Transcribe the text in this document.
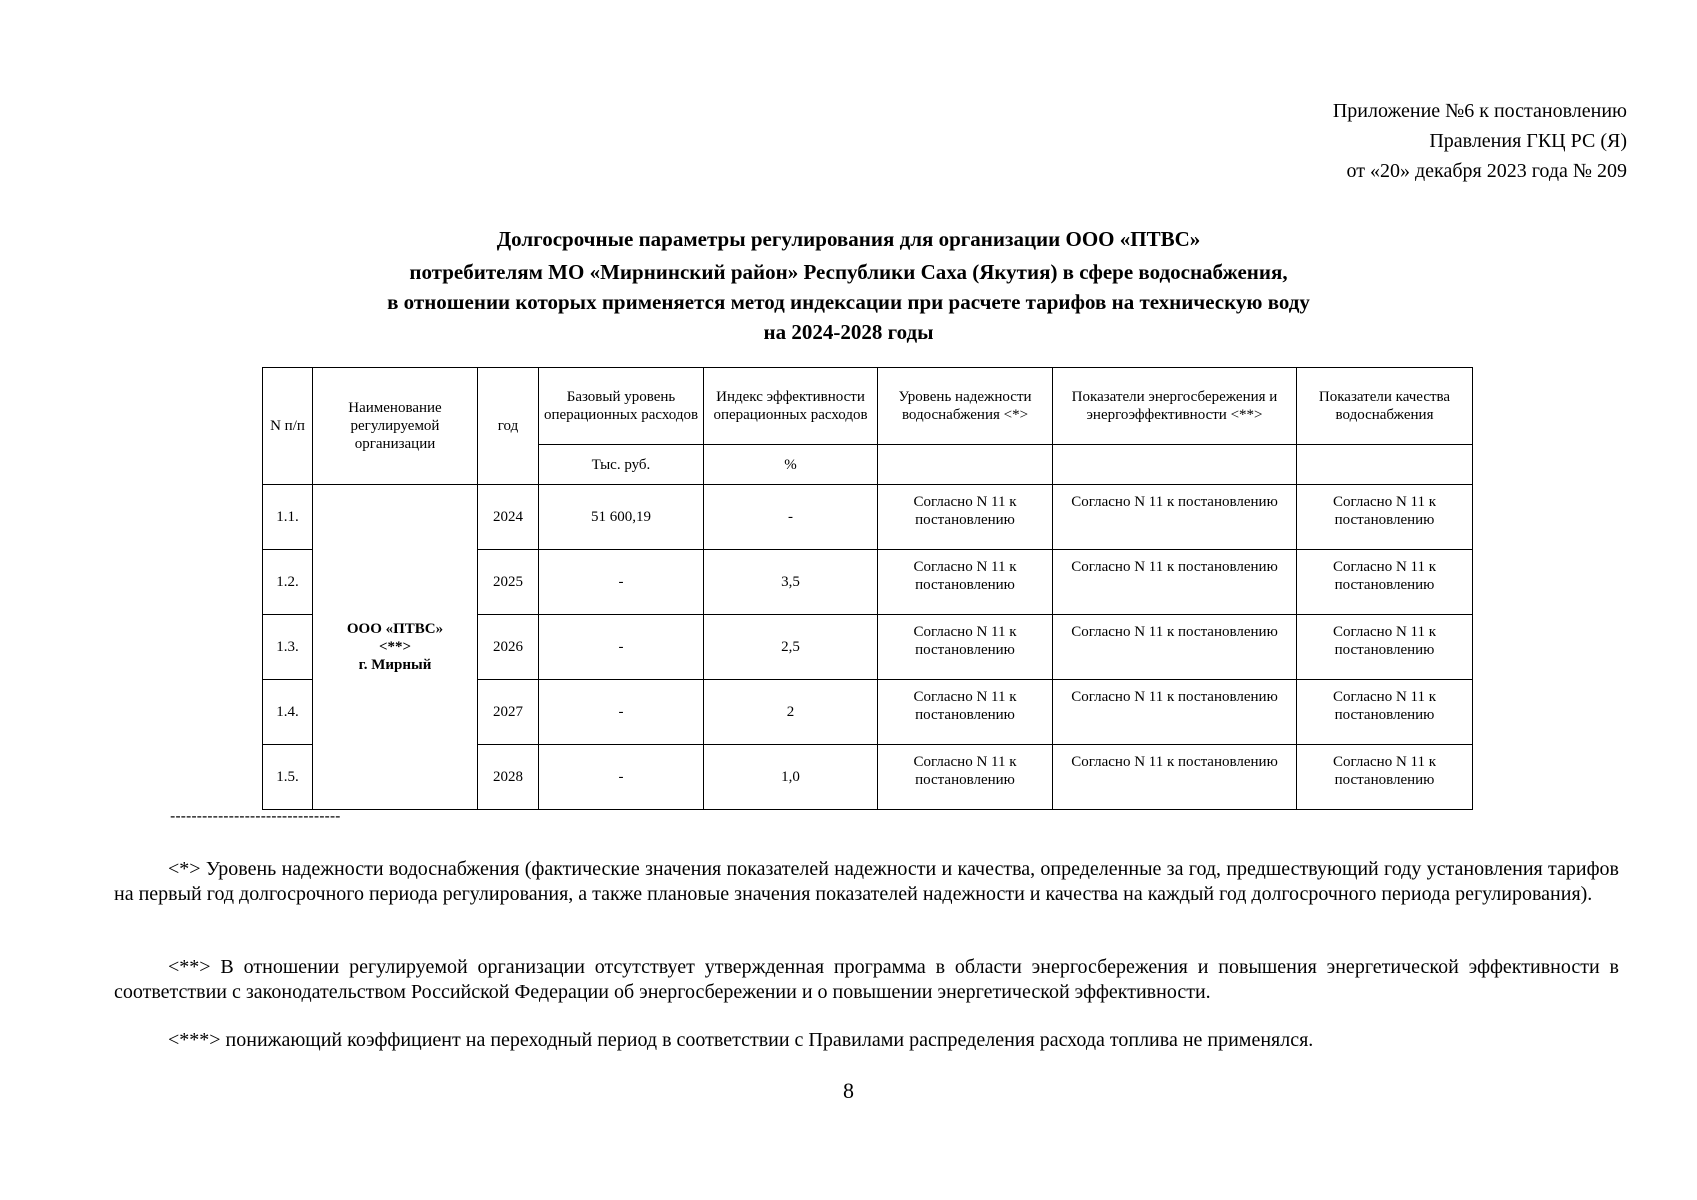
Приложение №6 к постановлению
Правления ГКЦ РС (Я)
от «20» декабря 2023 года № 209
Долгосрочные параметры регулирования для организации ООО «ПТВС»
потребителям МО «Мирнинский район» Республики Саха (Якутия) в сфере водоснабжения,
в отношении которых применяется метод индексации при расчете тарифов на техническую воду
на 2024-2028 годы
N п/п	Наименование регулируемой организации	год	Базовый уровень операционных расходов	Индекс эффективности операционных расходов	Уровень надежности водоснабжения <*>	Показатели энергосбережения и энергоэффективности <**>	Показатели качества водоснабжения
			Тыс. руб.	%			
1.1.	ООО «ПТВС»
<**>
г. Мирный	2024	51 600,19	-	Согласно N 11 к постановлению	Согласно N 11 к постановлению	Согласно N 11 к постановлению
1.2.		2025	-	3,5	Согласно N 11 к постановлению	Согласно N 11 к постановлению	Согласно N 11 к постановлению
1.3.		2026	-	2,5	Согласно N 11 к постановлению	Согласно N 11 к постановлению	Согласно N 11 к постановлению
1.4.		2027	-	2	Согласно N 11 к постановлению	Согласно N 11 к постановлению	Согласно N 11 к постановлению
1.5.		2028	-	1,0	Согласно N 11 к постановлению	Согласно N 11 к постановлению	Согласно N 11 к постановлению
--------------------------------
<*> Уровень надежности водоснабжения (фактические значения показателей надежности и качества, определенные за год, предшествующий году установления тарифов на первый год долгосрочного периода регулирования, а также плановые значения показателей надежности и качества на каждый год долгосрочного периода регулирования).
<**> В отношении регулируемой организации отсутствует утвержденная программа в области энергосбережения и повышения энергетической эффективности в соответствии с законодательством Российской Федерации об энергосбережении и о повышении энергетической эффективности.
<***> понижающий коэффициент на переходный период в соответствии с Правилами распределения расхода топлива не применялся.
8
